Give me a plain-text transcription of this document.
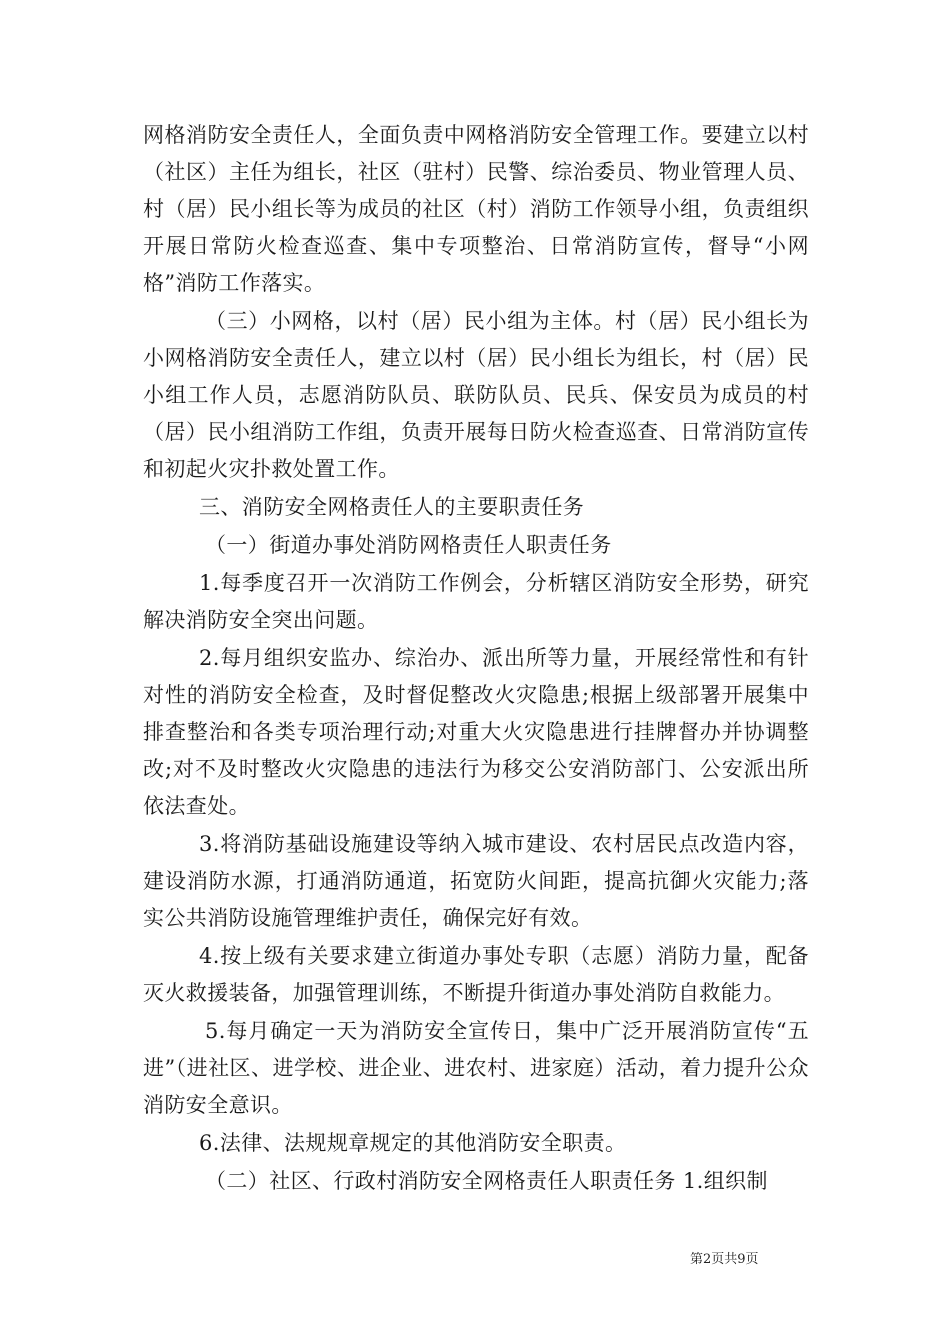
网格消防安全责任人，全面负责中网格消防安全管理工作。要建立以村（社区）主任为组长，社区（驻村）民警、综治委员、物业管理人员、村（居）民小组长等为成员的社区（村）消防工作领导小组，负责组织开展日常防火检查巡查、集中专项整治、日常消防宣传，督导“小网格”消防工作落实。

（三）小网格，以村（居）民小组为主体。村（居）民小组长为小网格消防安全责任人，建立以村（居）民小组长为组长，村（居）民小组工作人员，志愿消防队员、联防队员、民兵、保安员为成员的村（居）民小组消防工作组，负责开展每日防火检查巡查、日常消防宣传和初起火灾扑救处置工作。

三、消防安全网格责任人的主要职责任务

（一）街道办事处消防网格责任人职责任务

1.每季度召开一次消防工作例会，分析辖区消防安全形势，研究解决消防安全突出问题。

2.每月组织安监办、综治办、派出所等力量，开展经常性和有针对性的消防安全检查，及时督促整改火灾隐患;根据上级部署开展集中排查整治和各类专项治理行动;对重大火灾隐患进行挂牌督办并协调整改;对不及时整改火灾隐患的违法行为移交公安消防部门、公安派出所依法查处。

3.将消防基础设施建设等纳入城市建设、农村居民点改造内容，建设消防水源，打通消防通道，拓宽防火间距，提高抗御火灾能力;落实公共消防设施管理维护责任，确保完好有效。

4.按上级有关要求建立街道办事处专职（志愿）消防力量，配备灭火救援装备，加强管理训练，不断提升街道办事处消防自救能力。

5.每月确定一天为消防安全宣传日，集中广泛开展消防宣传“五进”（进社区、进学校、进企业、进农村、进家庭）活动，着力提升公众消防安全意识。

6.法律、法规规章规定的其他消防安全职责。

（二）社区、行政村消防安全网格责任人职责任务 1.组织制

第2页共9页
